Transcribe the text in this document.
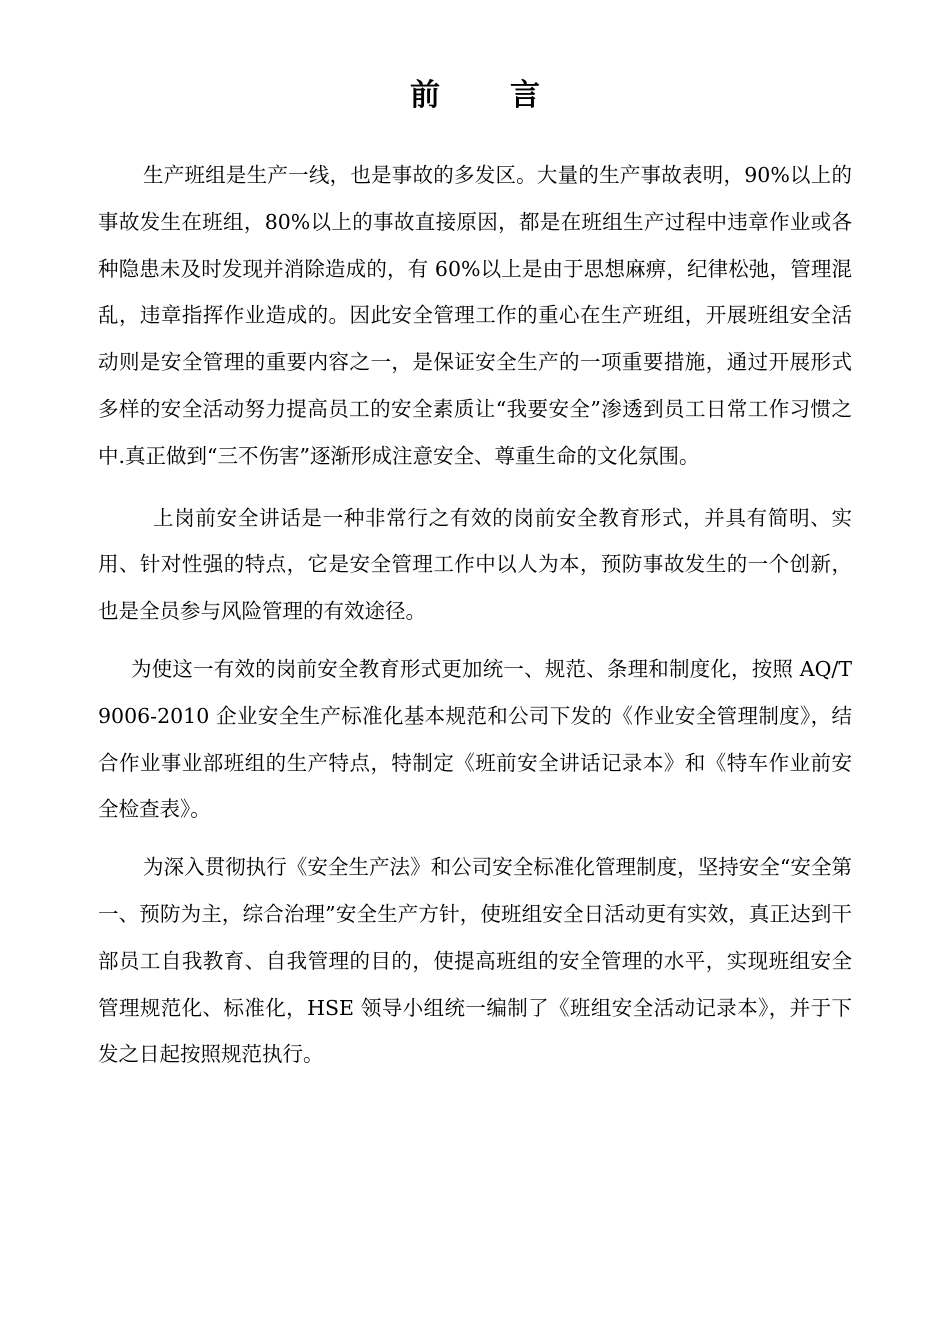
前 言

生产班组是生产一线，也是事故的多发区。大量的生产事故表明，90%以上的事故发生在班组，80%以上的事故直接原因，都是在班组生产过程中违章作业或各种隐患未及时发现并消除造成的，有 60%以上是由于思想麻痹，纪律松弛，管理混乱，违章指挥作业造成的。因此安全管理工作的重心在生产班组，开展班组安全活动则是安全管理的重要内容之一，是保证安全生产的一项重要措施，通过开展形式多样的安全活动努力提高员工的安全素质让“我要安全”渗透到员工日常工作习惯之中.真正做到“三不伤害”逐渐形成注意安全、尊重生命的文化氛围。

上岗前安全讲话是一种非常行之有效的岗前安全教育形式，并具有简明、实用、针对性强的特点，它是安全管理工作中以人为本，预防事故发生的一个创新，也是全员参与风险管理的有效途径。

为使这一有效的岗前安全教育形式更加统一、规范、条理和制度化，按照 AQ/T9006-2010 企业安全生产标准化基本规范和公司下发的《作业安全管理制度》，结合作业事业部班组的生产特点，特制定《班前安全讲话记录本》和《特车作业前安全检查表》。

为深入贯彻执行《安全生产法》和公司安全标准化管理制度，坚持安全“安全第一、预防为主，综合治理”安全生产方针，使班组安全日活动更有实效，真正达到干部员工自我教育、自我管理的目的，使提高班组的安全管理的水平，实现班组安全管理规范化、标准化，HSE 领导小组统一编制了《班组安全活动记录本》，并于下发之日起按照规范执行。
